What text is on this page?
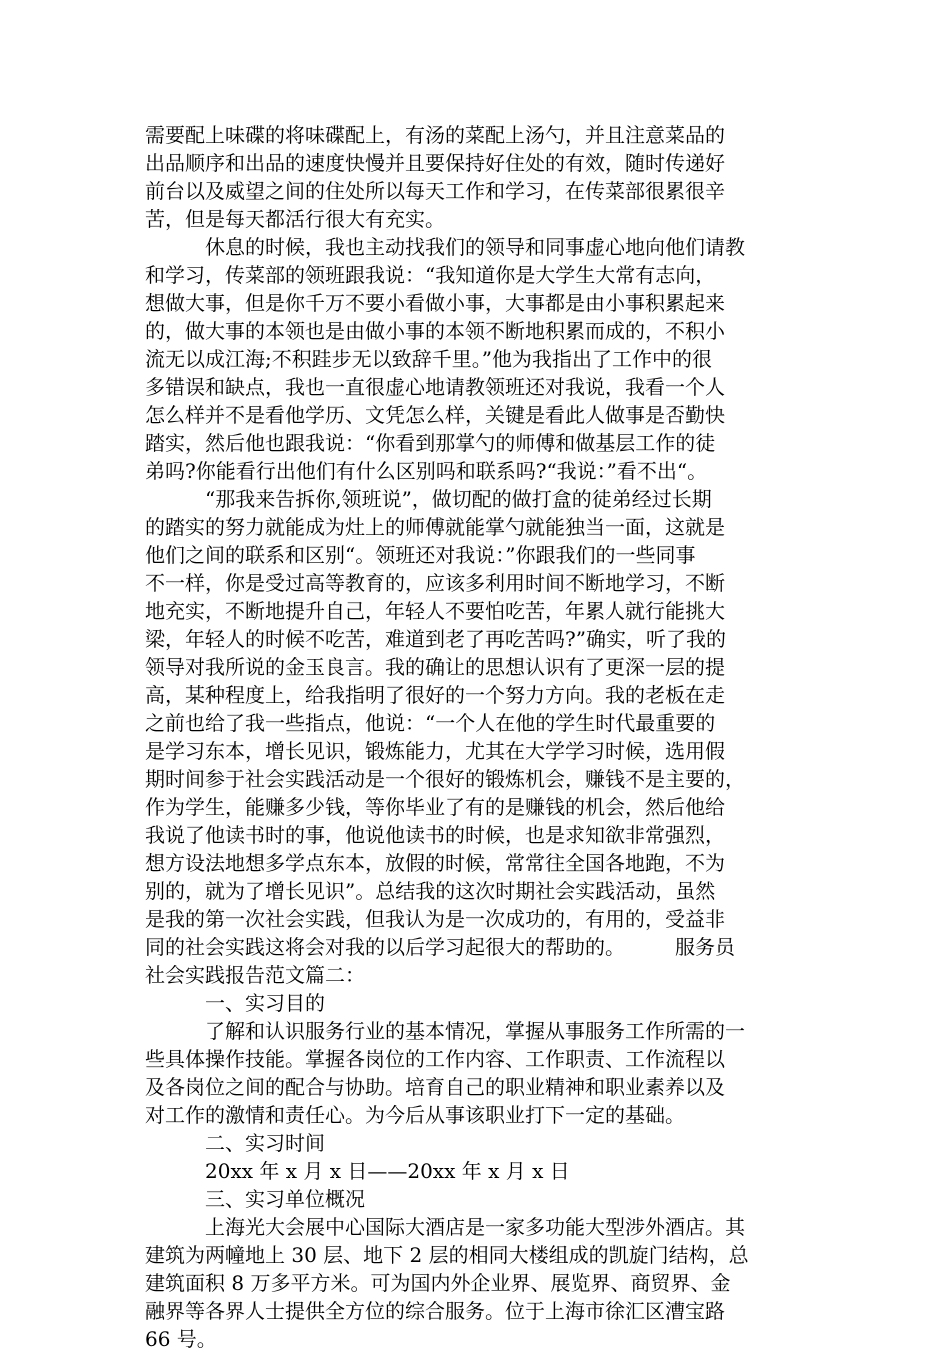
需要配上味碟的将味碟配上，有汤的菜配上汤勺，并且注意菜品的
出品顺序和出品的速度快慢并且要保持好住处的有效，随时传递好
前台以及威望之间的住处所以每天工作和学习，在传菜部很累很辛
苦，但是每天都活行很大有充实。
　　　休息的时候，我也主动找我们的领导和同事虚心地向他们请教
和学习，传菜部的领班跟我说：“我知道你是大学生大常有志向，
想做大事，但是你千万不要小看做小事，大事都是由小事积累起来
的，做大事的本领也是由做小事的本领不断地积累而成的，不积小
流无以成江海;不积跬步无以致辞千里。”他为我指出了工作中的很
多错误和缺点，我也一直很虚心地请教领班还对我说，我看一个人
怎么样并不是看他学历、文凭怎么样，关键是看此人做事是否勤快
踏实，然后他也跟我说：“你看到那掌勺的师傅和做基层工作的徒
弟吗?你能看行出他们有什么区别吗和联系吗?“我说：”看不出“。
　　　“那我来告拆你,领班说”，做切配的做打盒的徒弟经过长期
的踏实的努力就能成为灶上的师傅就能掌勺就能独当一面，这就是
他们之间的联系和区别“。领班还对我说：”你跟我们的一些同事
不一样，你是受过高等教育的，应该多利用时间不断地学习，不断
地充实，不断地提升自己，年轻人不要怕吃苦，年累人就行能挑大
梁，年轻人的时候不吃苦，难道到老了再吃苦吗?”确实，听了我的
领导对我所说的金玉良言。我的确让的思想认识有了更深一层的提
高，某种程度上，给我指明了很好的一个努力方向。我的老板在走
之前也给了我一些指点，他说：“一个人在他的学生时代最重要的
是学习东本，增长见识，锻炼能力，尤其在大学学习时候，选用假
期时间参于社会实践活动是一个很好的锻炼机会，赚钱不是主要的，
作为学生，能赚多少钱，等你毕业了有的是赚钱的机会，然后他给
我说了他读书时的事，他说他读书的时候，也是求知欲非常强烈，
想方设法地想多学点东本，放假的时候，常常往全国各地跑，不为
别的，就为了增长见识”。总结我的这次时期社会实践活动，虽然
是我的第一次社会实践，但我认为是一次成功的，有用的，受益非
同的社会实践这将会对我的以后学习起很大的帮助的。　　　服务员
社会实践报告范文篇二：
　　　一、实习目的
　　　了解和认识服务行业的基本情况，掌握从事服务工作所需的一
些具体操作技能。掌握各岗位的工作内容、工作职责、工作流程以
及各岗位之间的配合与协助。培育自己的职业精神和职业素养以及
对工作的激情和责任心。为今后从事该职业打下一定的基础。
　　　二、实习时间
　　　20xx 年 x 月 x 日——20xx 年 x 月 x 日
　　　三、实习单位概况
　　　上海光大会展中心国际大酒店是一家多功能大型涉外酒店。其
建筑为两幢地上 30 层、地下 2 层的相同大楼组成的凯旋门结构，总
建筑面积 8 万多平方米。可为国内外企业界、展览界、商贸界、金
融界等各界人士提供全方位的综合服务。位于上海市徐汇区漕宝路
66 号。
